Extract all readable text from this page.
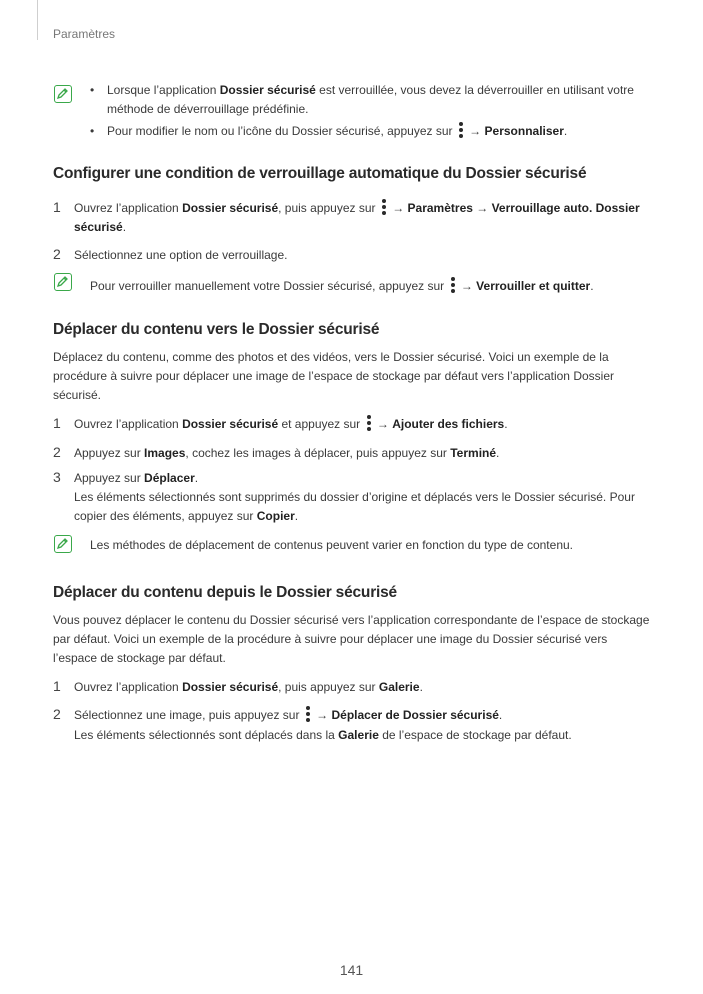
Paramètres
• Lorsque l’application Dossier sécurisé est verrouillée, vous devez la déverrouiller en utilisant votre méthode de déverrouillage prédéfinie.
• Pour modifier le nom ou l’icône du Dossier sécurisé, appuyez sur
→ Personnaliser.
Configurer une condition de verrouillage automatique du Dossier sécurisé
1 Ouvrez l’application Dossier sécurisé, puis appuyez sur
→ Paramètres → Verrouillage auto. Dossier sécurisé.
2 Sélectionnez une option de verrouillage.
Pour verrouiller manuellement votre Dossier sécurisé, appuyez sur
→ Verrouiller et quitter.
Déplacer du contenu vers le Dossier sécurisé
Déplacez du contenu, comme des photos et des vidéos, vers le Dossier sécurisé. Voici un exemple de la procédure à suivre pour déplacer une image de l’espace de stockage par défaut vers l’application Dossier sécurisé.
1 Ouvrez l’application Dossier sécurisé et appuyez sur
→ Ajouter des fichiers.
2 Appuyez sur Images, cochez les images à déplacer, puis appuyez sur Terminé.
3 Appuyez sur Déplacer.
Les éléments sélectionnés sont supprimés du dossier d’origine et déplacés vers le Dossier sécurisé. Pour copier des éléments, appuyez sur Copier.
Les méthodes de déplacement de contenus peuvent varier en fonction du type de contenu.
Déplacer du contenu depuis le Dossier sécurisé
Vous pouvez déplacer le contenu du Dossier sécurisé vers l’application correspondante de l’espace de stockage par défaut. Voici un exemple de la procédure à suivre pour déplacer une image du Dossier sécurisé vers l’espace de stockage par défaut.
1 Ouvrez l’application Dossier sécurisé, puis appuyez sur Galerie.
2 Sélectionnez une image, puis appuyez sur
→ Déplacer de Dossier sécurisé.
Les éléments sélectionnés sont déplacés dans la Galerie de l’espace de stockage par défaut.
141
